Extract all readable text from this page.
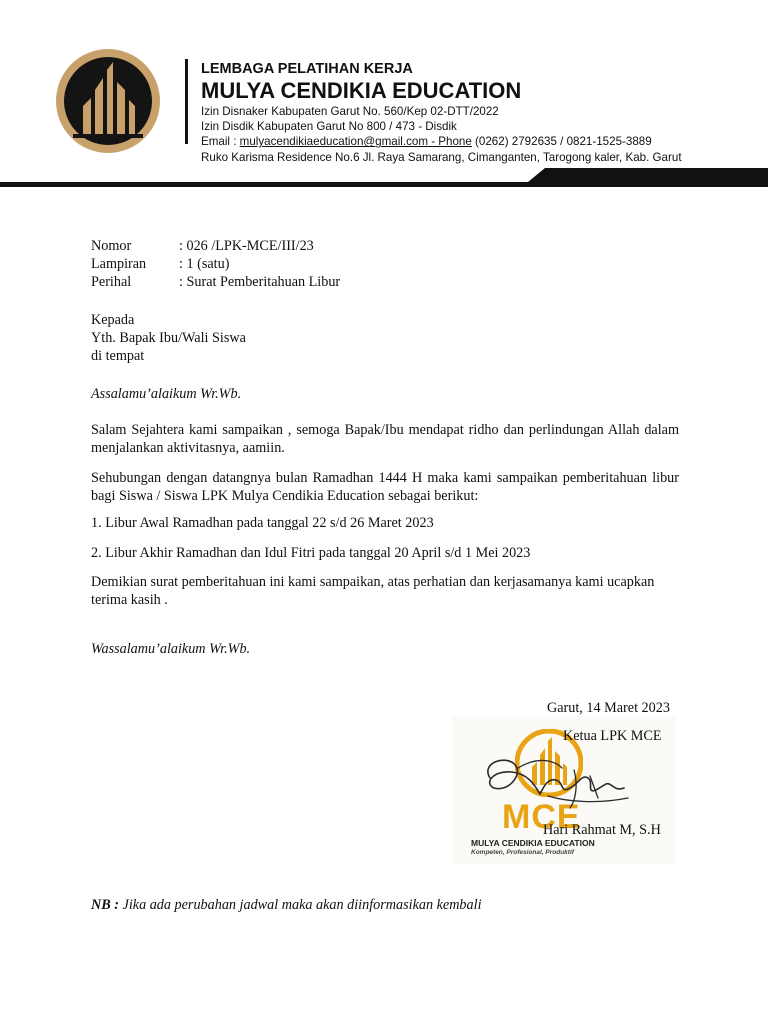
LEMBAGA PELATIHAN KERJA
MULYA CENDIKIA EDUCATION
Izin Disnaker Kabupaten Garut No. 560/Kep 02-DTT/2022
Izin Disdik Kabupaten Garut No 800 / 473 - Disdik
Email : mulyacendikiaeducation@gmail.com - Phone (0262) 2792635 / 0821-1525-3889
Ruko Karisma Residence No.6 Jl. Raya Samarang, Cimanganten, Tarogong kaler, Kab. Garut
Nomor	: 026 /LPK-MCE/III/23
Lampiran : 1 (satu)
Perihal	: Surat Pemberitahuan Libur
Kepada
Yth. Bapak Ibu/Wali Siswa
di tempat
Assalamu’alaikum Wr.Wb.
Salam Sejahtera kami sampaikan , semoga Bapak/Ibu mendapat ridho dan perlindungan Allah dalam menjalankan aktivitasnya, aamiin.
Sehubungan dengan datangnya bulan Ramadhan 1444 H maka kami sampaikan pemberitahuan libur bagi Siswa / Siswa LPK Mulya Cendikia Education sebagai berikut:
1. Libur Awal Ramadhan pada tanggal 22 s/d 26 Maret 2023
2. Libur Akhir Ramadhan dan Idul Fitri pada tanggal 20 April s/d 1 Mei 2023
Demikian surat pemberitahuan ini kami sampaikan, atas perhatian dan kerjasamanya kami ucapkan terima kasih .
Wassalamu’alaikum Wr.Wb.
Garut, 14 Maret 2023
MCE
MULYA CENDIKIA EDUCATION
Kompeten, Profesional, Produktif
Ketua LPK MCE
Hari Rahmat M, S.H
NB : Jika ada perubahan jadwal maka akan diinformasikan kembali
